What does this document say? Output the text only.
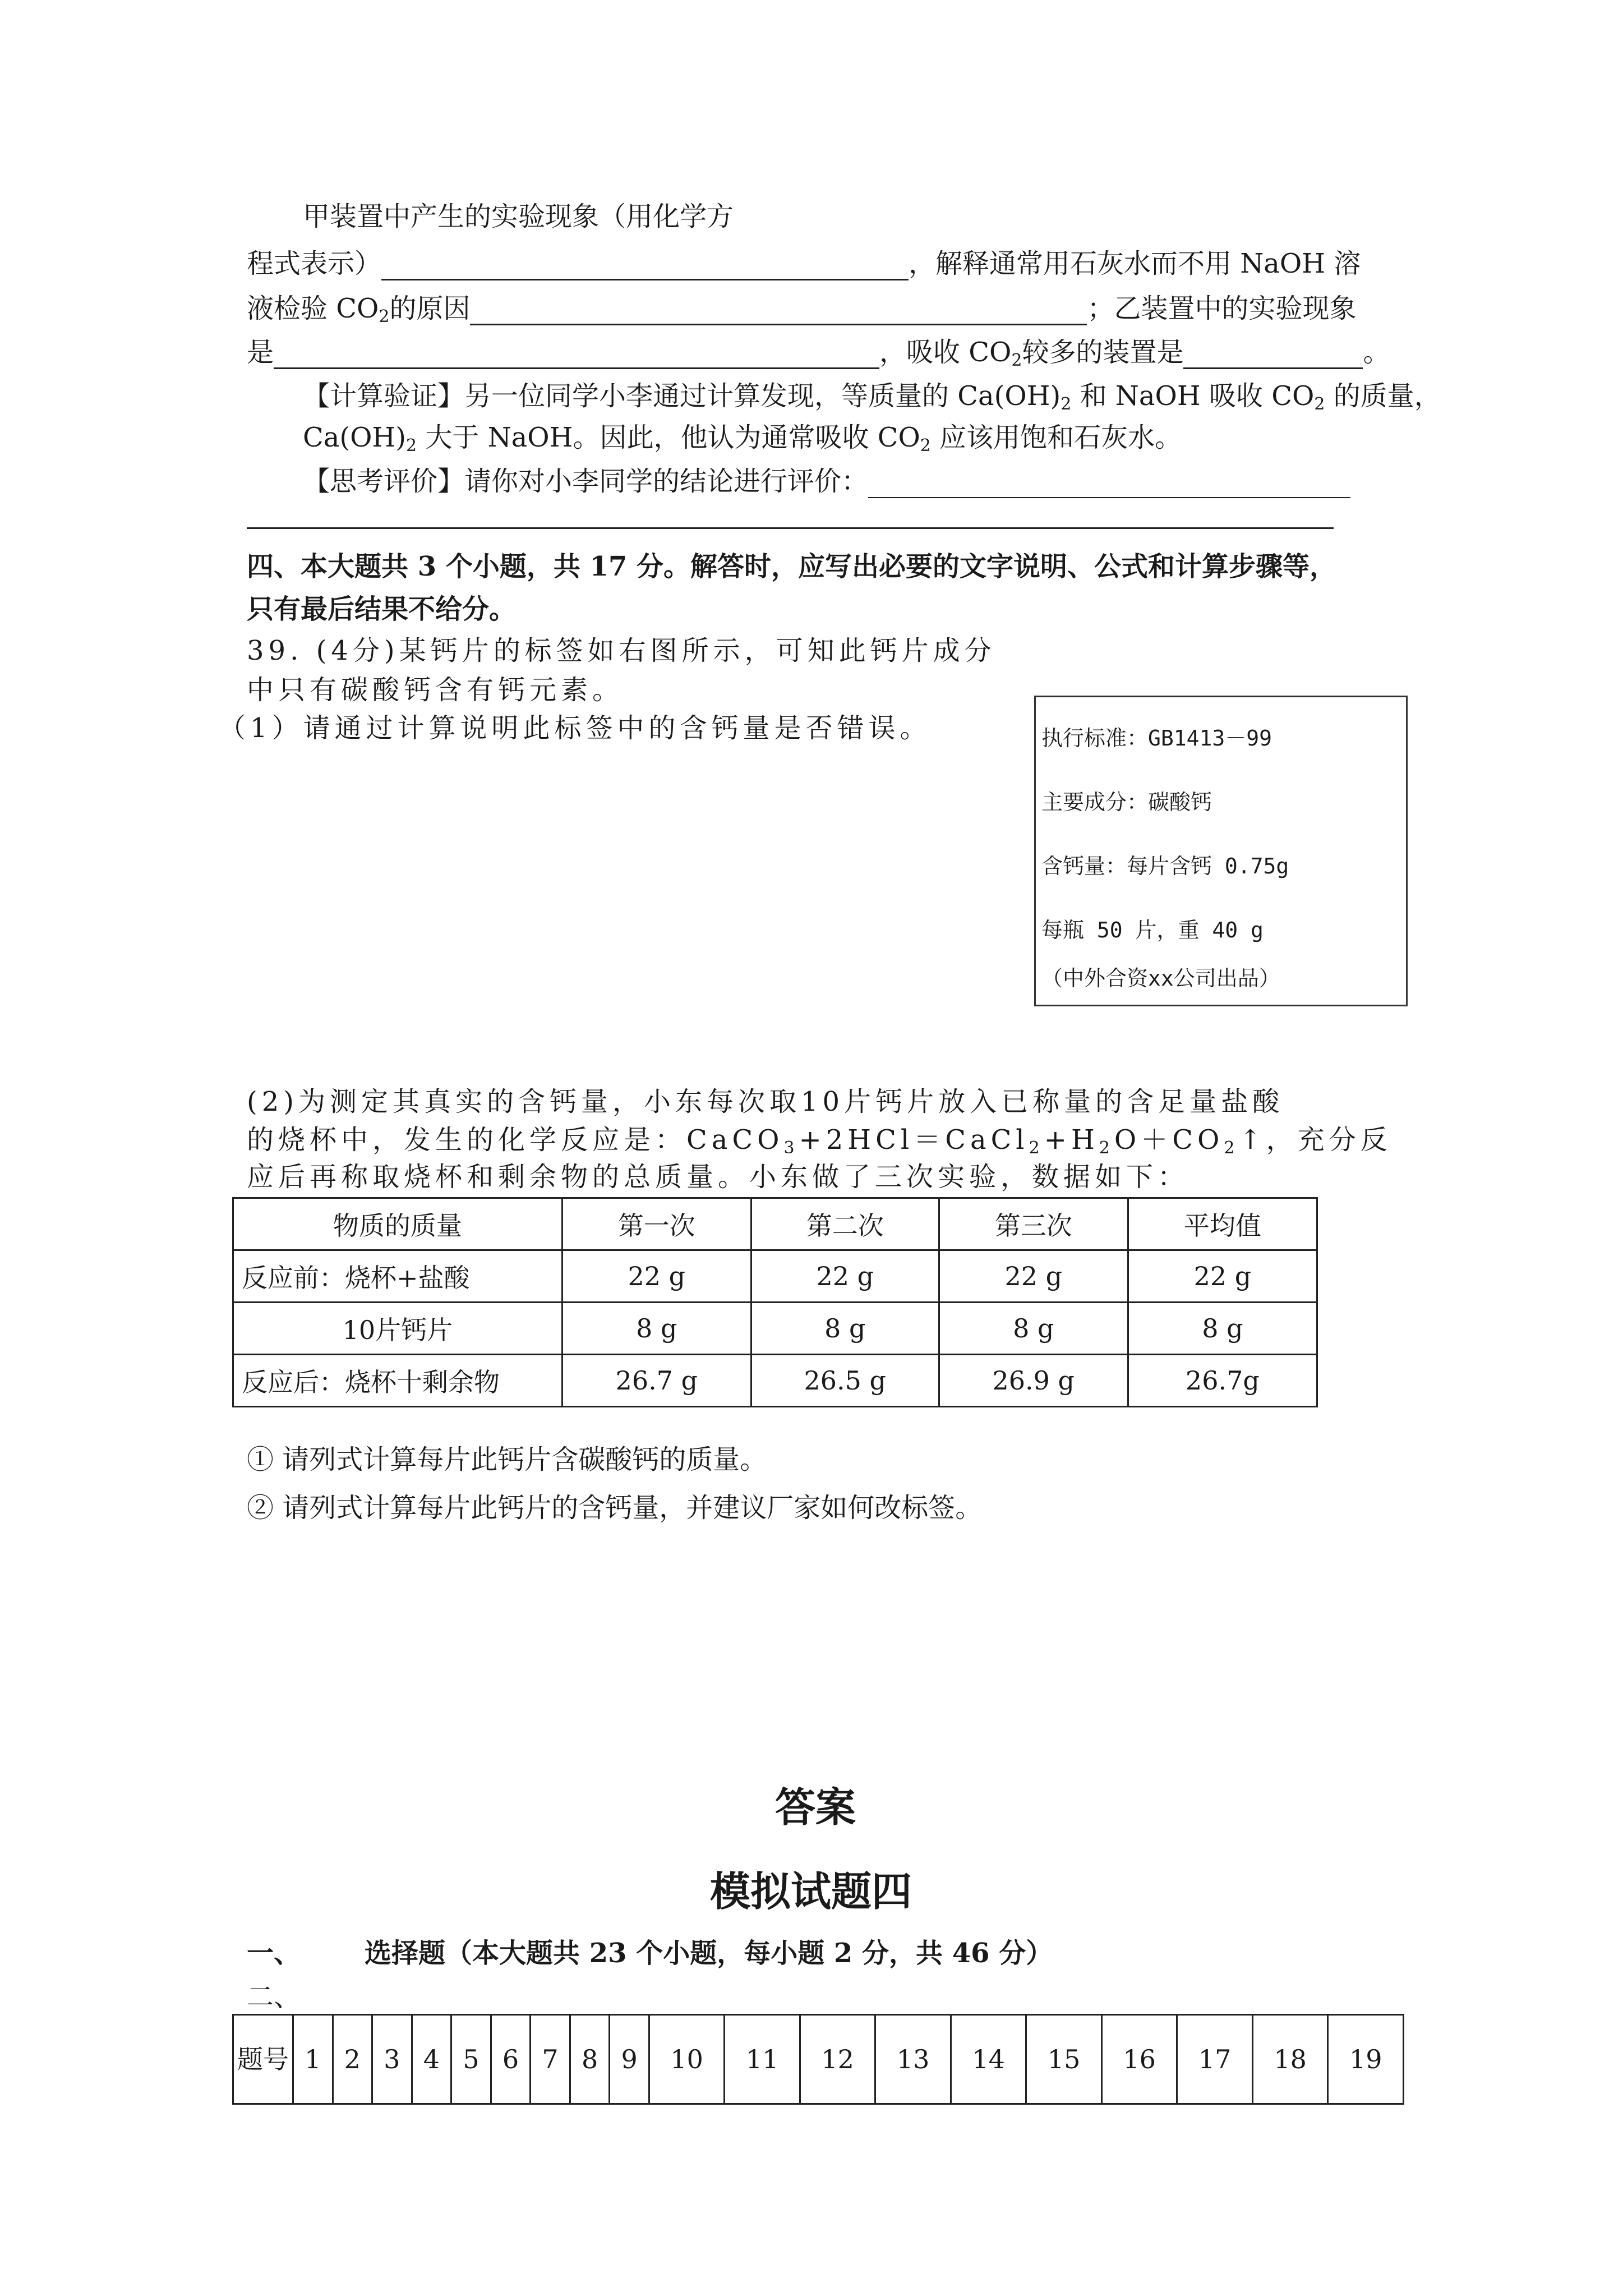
甲装置中产生的实验现象（用化学方
程式表示）	，解释通常用石灰水而不用 NaOH 溶
液检验 $CO_2$的原因	；乙装置中的实验现象
是	，吸收 $CO_2$较多的装置是	。
【计算验证】另一位同学小李通过计算发现，等质量的 $Ca(OH)_2$ 和 NaOH 吸收 $CO_2$ 的质量，
$Ca(OH)_2$ 大于 NaOH。因此，他认为通常吸收 $CO_2$ 应该用饱和石灰水。
【思考评价】请你对小李同学的结论进行评价：
四、本大题共 3 个小题，共 17 分。解答时，应写出必要的文字说明、公式和计算步骤等，
只有最后结果不给分。
39. (4分)某钙片的标签如右图所示，可知此钙片成分
中只有碳酸钙含有钙元素。
（1）请通过计算说明此标签中的含钙量是否错误。	执行标准：GB1413－99
主要成分：碳酸钙
含钙量：每片含钙 0.75g
每瓶 50 片，重 40 g
（中外合资xx公司出品）
(2)为测定其真实的含钙量，小东每次取10片钙片放入已称量的含足量盐酸
的烧杯中，发生的化学反应是：$CaCO_3+2HCl=CaCl_2+H_2O+CO_2↑$，充分反
应后再称取烧杯和剩余物的总质量。小东做了三次实验，数据如下：
物质的质量	第一次	第二次	第三次	平均值
反应前：烧杯+盐酸	22 g	22 g	22 g	22 g
10片钙片	8 g	8 g	8 g	8 g
反应后：烧杯十剩余物	26.7 g	26.5 g	26.9 g	26.7g
① 请列式计算每片此钙片含碳酸钙的质量。
② 请列式计算每片此钙片的含钙量，并建议厂家如何改标签。
答案
模拟试题四
一、 选择题（本大题共 23 个小题，每小题 2 分，共 46 分）
二、
题号	1	2	3	4	5	6	7	8	9	10	11	12	13	14	15	16	17	18	19
